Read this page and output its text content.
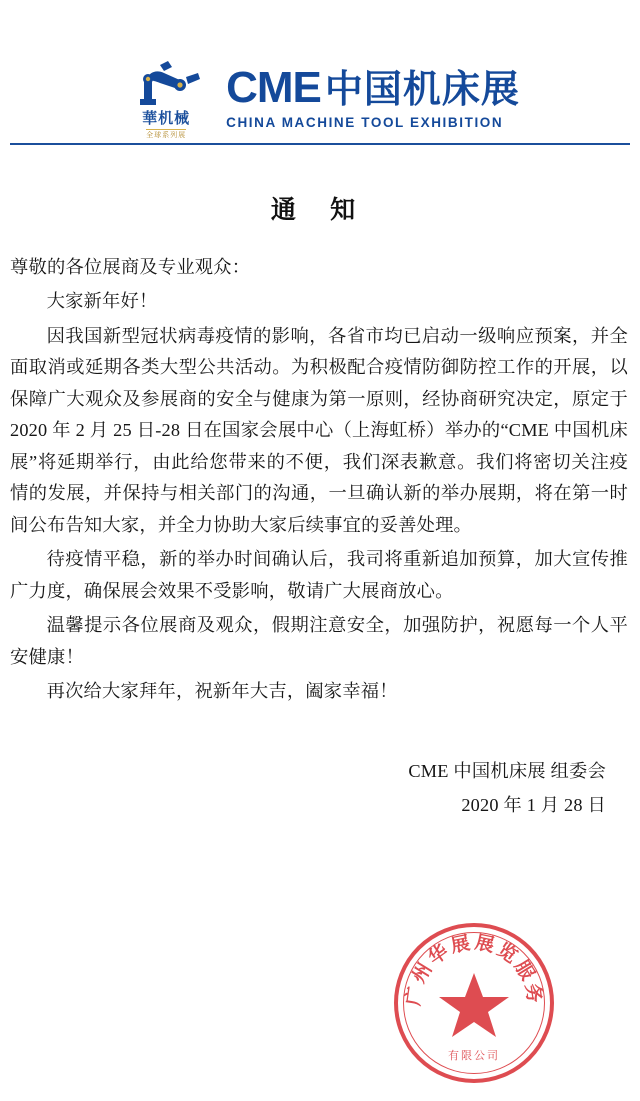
華机械
全球系列展
CME 中国机床展
CHINA MACHINE TOOL EXHIBITION
通 知

尊敬的各位展商及专业观众：

大家新年好！

因我国新型冠状病毒疫情的影响，各省市均已启动一级响应预案，并全面取消或延期各类大型公共活动。为积极配合疫情防御防控工作的开展，以保障广大观众及参展商的安全与健康为第一原则，经协商研究决定，原定于 2020 年 2 月 25 日-28 日在国家会展中心（上海虹桥）举办的“CME 中国机床展”将延期举行，由此给您带来的不便，我们深表歉意。我们将密切关注疫情的发展，并保持与相关部门的沟通，一旦确认新的举办展期，将在第一时间公布告知大家，并全力协助大家后续事宜的妥善处理。

待疫情平稳，新的举办时间确认后，我司将重新追加预算，加大宣传推广力度，确保展会效果不受影响，敬请广大展商放心。

温馨提示各位展商及观众，假期注意安全，加强防护，祝愿每一个人平安健康！

再次给大家拜年，祝新年大吉，阖家幸福！

CME 中国机床展 组委会
2020 年 1 月 28 日
广州华展展览服务
有限公司
